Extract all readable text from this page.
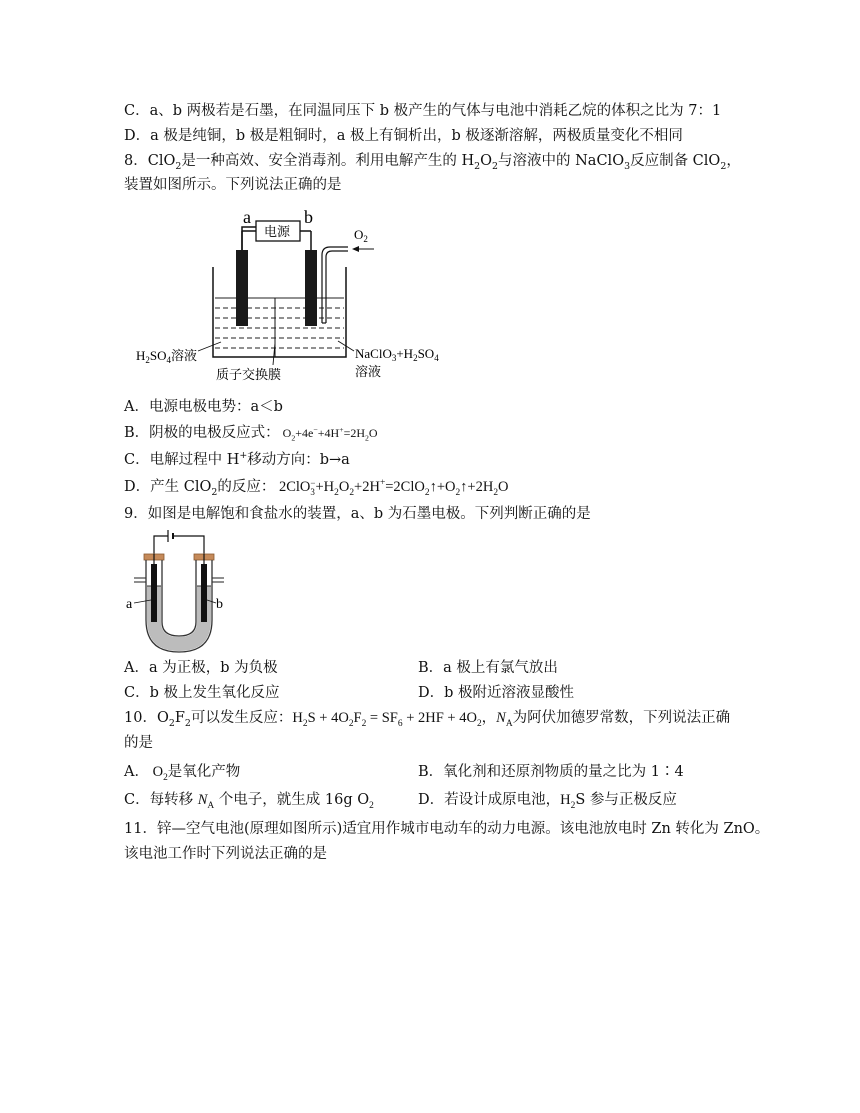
C．a、b 两极若是石墨，在同温同压下 b 极产生的气体与电池中消耗乙烷的体积之比为 7：1
D．a 极是纯铜，b 极是粗铜时，a 极上有铜析出，b 极逐渐溶解，两极质量变化不相同
8．ClO$_2$是一种高效、安全消毒剂。利用电解产生的 $H_2O_2$与溶液中的 NaClO$_3$反应制备 ClO$_2$，
装置如图所示。下列说法正确的是
a	b
电源	$O_2$
$H_2SO_4$溶液
质子交换膜
$NaClO_3+H_2SO_4$
溶液
A．电源电极电势：a＜b
B．阴极的电极反应式： $O_2+4e^-+4H^+=2H_2O$
C．电解过程中 H+移动方向：b→a
D．产生 ClO$_2$的反应： 2ClO −
$3 +H_2O_2+2H^+=2ClO_2↑+O_2↑+2H_2O$
9．如图是电解饱和食盐水的装置，a、b 为石墨电极。下列判断正确的是
a	b
A．a 为正极，b 为负极	B．a 极上有氯气放出
C．b 极上发生氧化反应	D．b 极附近溶液显酸性
10．$O_2F_2$可以发生反应：$H_2S + 4O_2F_2 = SF_6 + 2HF + 4O_2$，$N_A$为阿伏加德罗常数，下列说法正确
的是
A． $O_2$是氧化产物	B．氧化剂和还原剂物质的量之比为 1∶4
C．每转移 $N_A$ 个电子，就生成 16g $O_2$	D．若设计成原电池，$H_2S$ 参与正极反应
11．锌—空气电池(原理如图所示)适宜用作城市电动车的动力电源。该电池放电时 Zn 转化为 ZnO。
该电池工作时下列说法正确的是
